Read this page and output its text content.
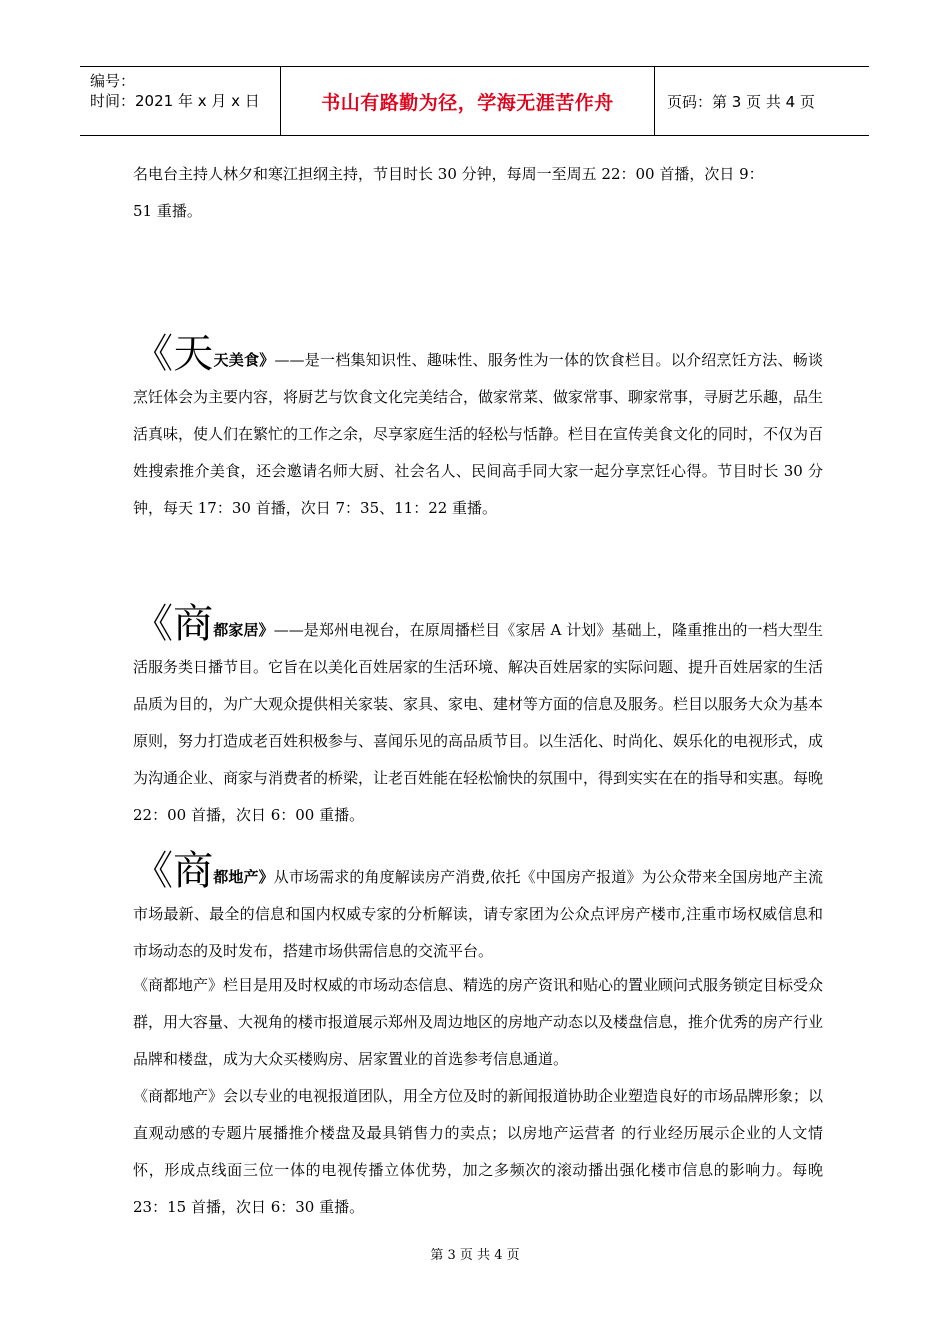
编号：
时间：2021 年 x 月 x 日	书山有路勤为径，学海无涯苦作舟	页码：第 3 页 共 4 页
名电台主持人林夕和寒江担纲主持，节目时长 30 分钟，每周一至周五 22：00 首播，次日 9：
51 重播。
《天天美食》——是一档集知识性、趣味性、服务性为一体的饮食栏目。以介绍烹饪方法、畅谈烹饪体会为主要内容，将厨艺与饮食文化完美结合，做家常菜、做家常事、聊家常事，寻厨艺乐趣，品生活真味，使人们在繁忙的工作之余，尽享家庭生活的轻松与恬静。栏目在宣传美食文化的同时，不仅为百姓搜索推介美食，还会邀请名师大厨、社会名人、民间高手同大家一起分享烹饪心得。节目时长 30 分钟，每天 17：30 首播，次日 7：35、11：22 重播。
《商都家居》——是郑州电视台，在原周播栏目《家居 A 计划》基础上，隆重推出的一档大型生活服务类日播节目。它旨在以美化百姓居家的生活环境、解决百姓居家的实际问题、提升百姓居家的生活品质为目的，为广大观众提供相关家装、家具、家电、建材等方面的信息及服务。栏目以服务大众为基本原则，努力打造成老百姓积极参与、喜闻乐见的高品质节目。以生活化、时尚化、娱乐化的电视形式，成为沟通企业、商家与消费者的桥梁，让老百姓能在轻松愉快的氛围中，得到实实在在的指导和实惠。每晚 22：00 首播，次日 6：00 重播。
《商都地产》从市场需求的角度解读房产消费,依托《中国房产报道》为公众带来全国房地产主流市场最新、最全的信息和国内权威专家的分析解读，请专家团为公众点评房产楼市,注重市场权威信息和市场动态的及时发布，搭建市场供需信息的交流平台。
《商都地产》栏目是用及时权威的市场动态信息、精选的房产资讯和贴心的置业顾问式服务锁定目标受众群，用大容量、大视角的楼市报道展示郑州及周边地区的房地产动态以及楼盘信息，推介优秀的房产行业品牌和楼盘，成为大众买楼购房、居家置业的首选参考信息通道。
《商都地产》会以专业的电视报道团队，用全方位及时的新闻报道协助企业塑造良好的市场品牌形象；以直观动感的专题片展播推介楼盘及最具销售力的卖点；以房地产运营者 的行业经历展示企业的人文情怀，形成点线面三位一体的电视传播立体优势，加之多频次的滚动播出强化楼市信息的影响力。每晚 23：15 首播，次日 6：30 重播。
第 3 页 共 4 页
